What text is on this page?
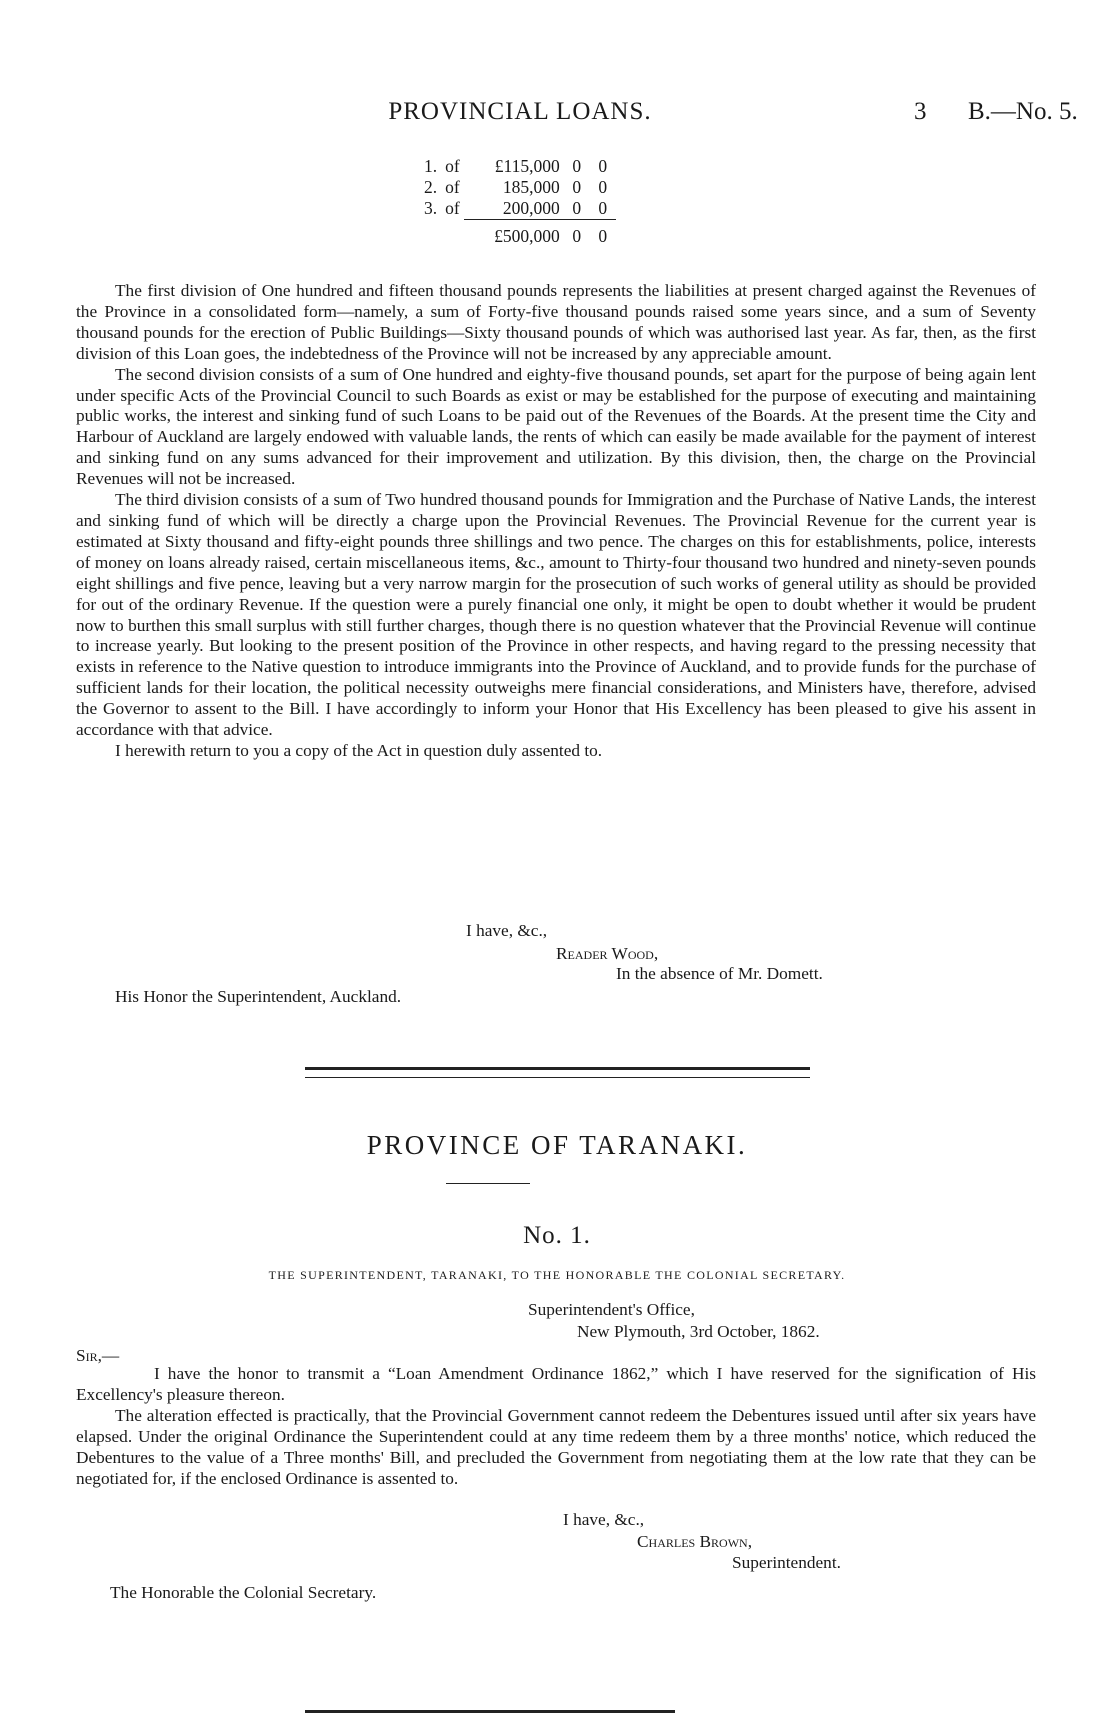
PROVINCIAL LOANS.	3 B.—No. 5.
1.	of	£115,000	0	0
2.	of	185,000	0	0
3.	of	200,000	0	0
		£500,000	0	0

The first division of One hundred and fifteen thousand pounds represents the liabilities at present charged against the Revenues of the Province in a consolidated form—namely, a sum of Forty-five thousand pounds raised some years since, and a sum of Seventy thousand pounds for the erection of Public Buildings—Sixty thousand pounds of which was authorised last year. As far, then, as the first division of this Loan goes, the indebtedness of the Province will not be increased by any appreciable amount.

The second division consists of a sum of One hundred and eighty-five thousand pounds, set apart for the purpose of being again lent under specific Acts of the Provincial Council to such Boards as exist or may be established for the purpose of executing and maintaining public works, the interest and sinking fund of such Loans to be paid out of the Revenues of the Boards. At the present time the City and Harbour of Auckland are largely endowed with valuable lands, the rents of which can easily be made available for the payment of interest and sinking fund on any sums advanced for their improvement and utilization. By this division, then, the charge on the Provincial Revenues will not be increased.

The third division consists of a sum of Two hundred thousand pounds for Immigration and the Purchase of Native Lands, the interest and sinking fund of which will be directly a charge upon the Provincial Revenues. The Provincial Revenue for the current year is estimated at Sixty thousand and fifty-eight pounds three shillings and two pence. The charges on this for establishments, police, interests of money on loans already raised, certain miscellaneous items, &c., amount to Thirty-four thousand two hundred and ninety-seven pounds eight shillings and five pence, leaving but a very narrow margin for the prosecution of such works of general utility as should be provided for out of the ordinary Revenue. If the question were a purely financial one only, it might be open to doubt whether it would be prudent now to burthen this small surplus with still further charges, though there is no question whatever that the Provincial Revenue will continue to increase yearly. But looking to the present position of the Province in other respects, and having regard to the pressing necessity that exists in reference to the Native question to introduce immigrants into the Province of Auckland, and to provide funds for the purchase of sufficient lands for their location, the political necessity outweighs mere financial considerations, and Ministers have, therefore, advised the Governor to assent to the Bill. I have accordingly to inform your Honor that His Excellency has been pleased to give his assent in accordance with that advice.

I herewith return to you a copy of the Act in question duly assented to.

I have, &c.,
Reader Wood,
In the absence of Mr. Domett.
His Honor the Superintendent, Auckland.
PROVINCE OF TARANAKI.
No. 1.
THE SUPERINTENDENT, TARANAKI, TO THE HONORABLE THE COLONIAL SECRETARY.
Superintendent's Office,
New Plymouth, 3rd October, 1862.
Sir,—

I have the honor to transmit a “Loan Amendment Ordinance 1862,” which I have reserved for the signification of His Excellency's pleasure thereon.

The alteration effected is practically, that the Provincial Government cannot redeem the Debentures issued until after six years have elapsed. Under the original Ordinance the Superintendent could at any time redeem them by a three months' notice, which reduced the Debentures to the value of a Three months' Bill, and precluded the Government from negotiating them at the low rate that they can be negotiated for, if the enclosed Ordinance is assented to.

I have, &c.,
Charles Brown,
Superintendent.
The Honorable the Colonial Secretary.
